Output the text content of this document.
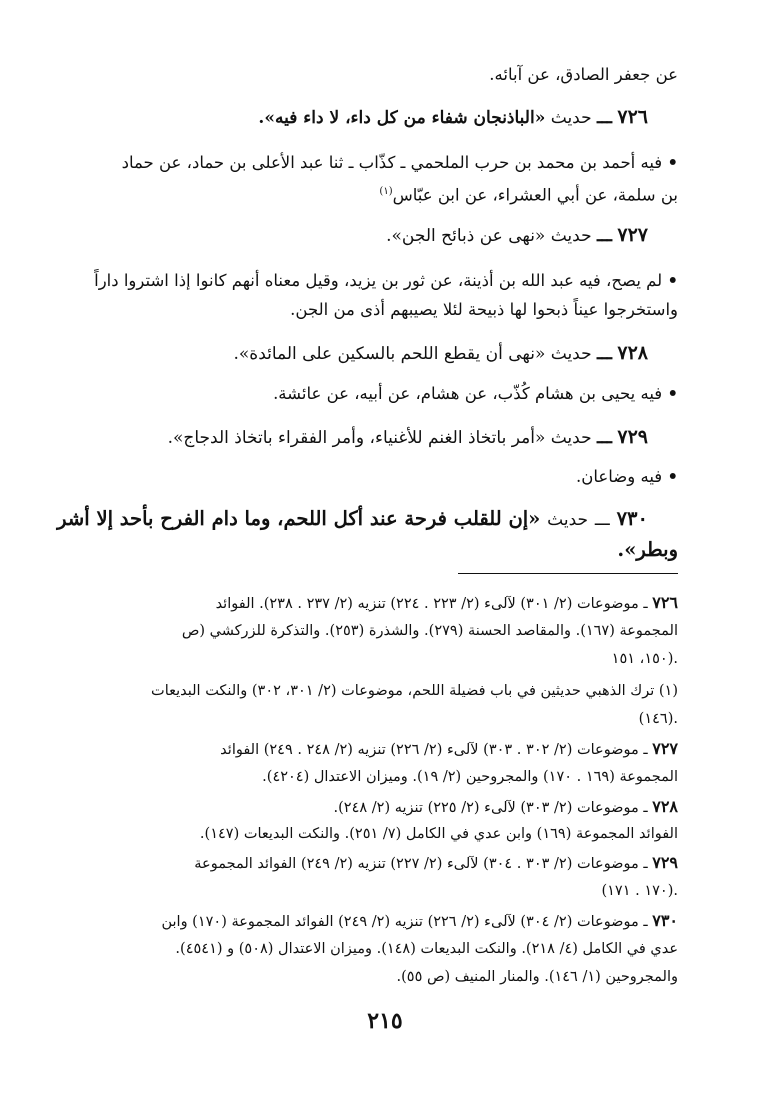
عن جعفر الصادق، عن آبائه.
٧٢٦ ـــ حديث «الباذنجان شفاء من كل داء، لا داء فيه».
• فيه أحمد بن محمد بن حرب الملحمي ـ كذّاب ـ ثنا عبد الأعلى بن حماد، عن حماد
بن سلمة، عن أبي العشراء، عن ابن عبّاس$^{(١)}$
٧٢٧ ـــ حديث «نهى عن ذبائح الجن».
• لم يصح، فيه عبد الله بن أذينة، عن ثور بن يزيد، وقيل معناه أنهم كانوا إذا اشتروا داراً
واستخرجوا عيناً ذبحوا لها ذبيحة لئلا يصيبهم أذى من الجن.
٧٢٨ ـــ حديث «نهى أن يقطع اللحم بالسكين على المائدة».
• فيه يحيى بن هشام كُذّب، عن هشام، عن أبيه، عن عائشة.
٧٢٩ ـــ حديث «أمر باتخاذ الغنم للأغنياء، وأمر الفقراء باتخاذ الدجاج».
• فيه وضاعان.
٧٣٠ ـــ حديث «إن للقلب فرحة عند أكل اللحم، وما دام الفرح بأحد إلا أشر
وبطر».
٧٢٦ ـ موضوعات (٢/ ٣٠١) لآلىء (٢/ ٢٢٣ . ٢٢٤) تنزيه (٢/ ٢٣٧ . ٢٣٨). الفوائد
المجموعة (١٦٧). والمقاصد الحسنة (٢٧٩). والشذرة (٢٥٣). والتذكرة للزركشي (ص
١٥٠، ١٥١).
(١) ترك الذهبي حديثين في باب فضيلة اللحم، موضوعات (٢/ ٣٠١، ٣٠٢) والنكت البديعات
(١٤٦).
٧٢٧ ـ موضوعات (٢/ ٣٠٢ . ٣٠٣) لآلىء (٢/ ٢٢٦) تنزيه (٢/ ٢٤٨ . ٢٤٩) الفوائد
المجموعة (١٦٩ . ١٧٠) والمجروحين (٢/ ١٩). وميزان الاعتدال (٤٢٠٤).
٧٢٨ ـ موضوعات (٢/ ٣٠٣) لآلىء (٢/ ٢٢٥) تنزيه (٢/ ٢٤٨).
الفوائد المجموعة (١٦٩) وابن عدي في الكامل (٧/ ٢٥١). والنكت البديعات (١٤٧).
٧٢٩ ـ موضوعات (٢/ ٣٠٣ . ٣٠٤) لآلىء (٢/ ٢٢٧) تنزيه (٢/ ٢٤٩) الفوائد المجموعة
(١٧٠ . ١٧١).
٧٣٠ ـ موضوعات (٢/ ٣٠٤) لآلىء (٢/ ٢٢٦) تنزيه (٢/ ٢٤٩) الفوائد المجموعة (١٧٠) وابن
عدي في الكامل (٤/ ٢١٨). والنكت البديعات (١٤٨). وميزان الاعتدال (٥٠٨) و (٤٥٤١).
والمجروحين (١/ ١٤٦). والمنار المنيف (ص ٥٥).
٢١٥
